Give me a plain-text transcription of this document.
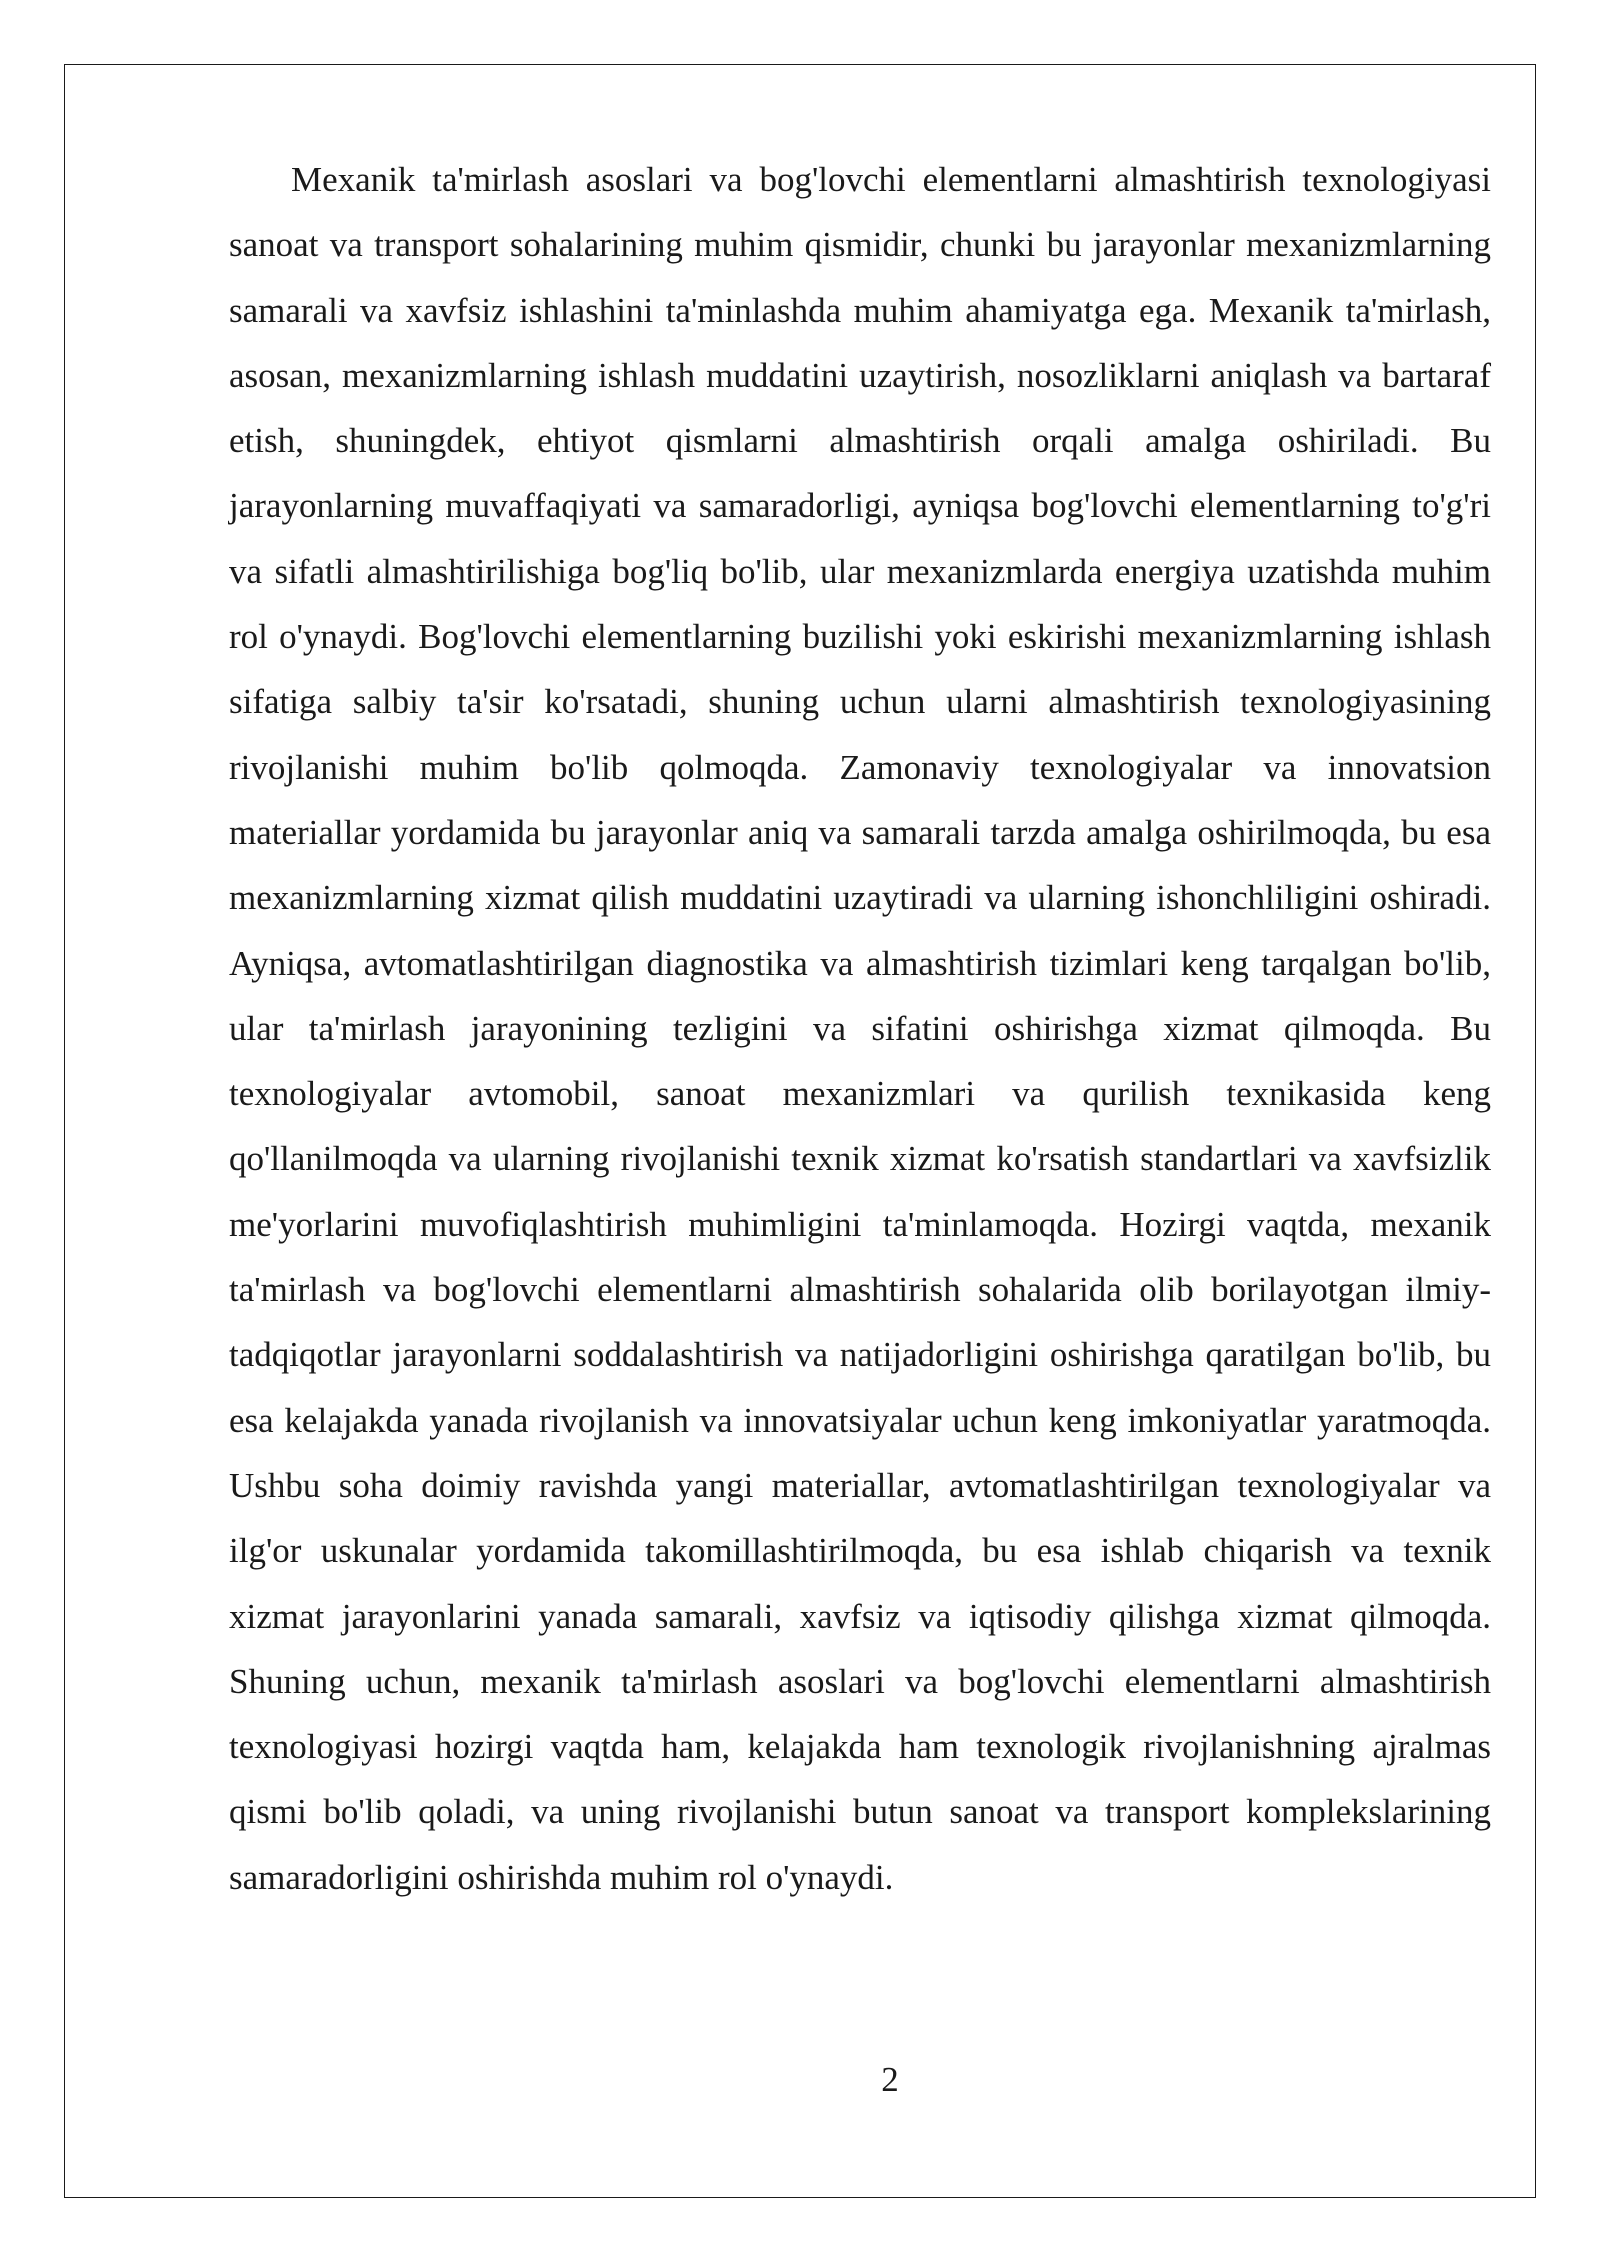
Mexanik ta'mirlash asoslari va bog'lovchi elementlarni almashtirish texnologiyasi sanoat va transport sohalarining muhim qismidir, chunki bu jarayonlar mexanizmlarning samarali va xavfsiz ishlashini ta'minlashda muhim ahamiyatga ega. Mexanik ta'mirlash, asosan, mexanizmlarning ishlash muddatini uzaytirish, nosozliklarni aniqlash va bartaraf etish, shuningdek, ehtiyot qismlarni almashtirish orqali amalga oshiriladi. Bu jarayonlarning muvaffaqiyati va samaradorligi, ayniqsa bog'lovchi elementlarning to'g'ri va sifatli almashtirilishiga bog'liq bo'lib, ular mexanizmlarda energiya uzatishda muhim rol o'ynaydi. Bog'lovchi elementlarning buzilishi yoki eskirishi mexanizmlarning ishlash sifatiga salbiy ta'sir ko'rsatadi, shuning uchun ularni almashtirish texnologiyasining rivojlanishi muhim bo'lib qolmoqda. Zamonaviy texnologiyalar va innovatsion materiallar yordamida bu jarayonlar aniq va samarali tarzda amalga oshirilmoqda, bu esa mexanizmlarning xizmat qilish muddatini uzaytiradi va ularning ishonchliligini oshiradi. Ayniqsa, avtomatlashtirilgan diagnostika va almashtirish tizimlari keng tarqalgan bo'lib, ular ta'mirlash jarayonining tezligini va sifatini oshirishga xizmat qilmoqda. Bu texnologiyalar avtomobil, sanoat mexanizmlari va qurilish texnikasida keng qo'llanilmoqda va ularning rivojlanishi texnik xizmat ko'rsatish standartlari va xavfsizlik me'yorlarini muvofiqlashtirish muhimligini ta'minlamoqda. Hozirgi vaqtda, mexanik ta'mirlash va bog'lovchi elementlarni almashtirish sohalarida olib borilayotgan ilmiy-tadqiqotlar jarayonlarni soddalashtirish va natijadorligini oshirishga qaratilgan bo'lib, bu esa kelajakda yanada rivojlanish va innovatsiyalar uchun keng imkoniyatlar yaratmoqda. Ushbu soha doimiy ravishda yangi materiallar, avtomatlashtirilgan texnologiyalar va ilg'or uskunalar yordamida takomillashtirilmoqda, bu esa ishlab chiqarish va texnik xizmat jarayonlarini yanada samarali, xavfsiz va iqtisodiy qilishga xizmat qilmoqda. Shuning uchun, mexanik ta'mirlash asoslari va bog'lovchi elementlarni almashtirish texnologiyasi hozirgi vaqtda ham, kelajakda ham texnologik rivojlanishning ajralmas qismi bo'lib qoladi, va uning rivojlanishi butun sanoat va transport komplekslarining samaradorligini oshirishda muhim rol o'ynaydi.

2
